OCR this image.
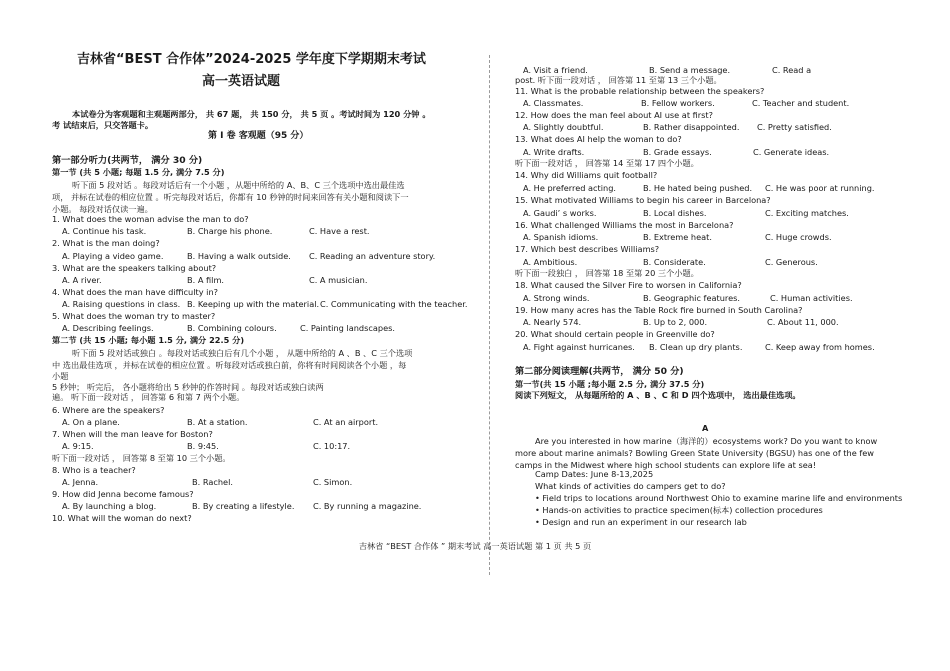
吉林省“BEST 合作体”2024-2025 学年度下学期期末考试
高一英语试题
本试卷分为客观题和主观题两部分， 共 67 题， 共 150 分， 共 5 页 。考试时间为 120 分钟 。
考 试结束后，只交答题卡。
第 I 卷 客观题（95 分）
第一部分听力(共两节， 满分 30 分)
第一节 (共 5 小题; 每题 1.5 分, 满分 7.5 分)
听下面 5 段对话 。每段对话后有一个小题 ，从题中所给的 A、B、C 三个选项中选出最佳选
项， 并标在试卷的相应位置 。听完每段对话后，你都有 10 秒钟的时间来回答有关小题和阅读下一
小题。 每段对话仅读一遍。
1. What does the woman advise the man to do?
A. Continue his task.	B. Charge his phone.	C. Have a rest.
2. What is the man doing?
A. Playing a video game.	B. Having a walk outside. C. Reading an adventure story.
3. What are the speakers talking about?
A. A river.	B. A film.	C. A musician.
4. What does the man have difficulty in?
A. Raising questions in class. B. Keeping up with the material. C. Communicating with the teacher.
5. What does the woman try to master?
A. Describing feelings.	B. Combining colours.	C. Painting landscapes.
第二节 (共 15 小题; 每小题 1.5 分, 满分 22.5 分)
听下面 5 段对话或独白 。每段对话或独白后有几个小题 ， 从题中所给的 A 、B 、C 三个选项
中 选出最佳选项 ，并标在试卷的相应位置 。听每段对话或独白前，你将有时间阅读各个小题 ，每
小题
5 秒钟； 听完后， 各小题将给出 5 秒钟的作答时间 。每段对话或独白读两
遍。 听下面一段对话 ， 回答第 6 和第 7 两个小题。
6. Where are the speakers?
A. On a plane.	B. At a station.	C. At an airport.
7. When will the man leave for Boston?
A. 9:15.	B. 9:45.	C. 10:17.
听下面一段对话 ， 回答第 8 至第 10 三个小题。
8. Who is a teacher?
A. Jenna.	B. Rachel.	C. Simon.
9. How did Jenna become famous?
A. By launching a blog.	B. By creating a lifestyle. C. By running a magazine.
10. What will the woman do next?
A. Visit a friend.	B. Send a message.	C. Read a
post. 听下面一段对话 ， 回答第 11 至第 13 三个小题。
11. What is the probable relationship between the speakers?
A. Classmates.	B. Fellow workers.	C. Teacher and student.
12. How does the man feel about AI use at first?
A. Slightly doubtful.	B. Rather disappointed. C. Pretty satisfied.
13. What does AI help the woman to do?
A. Write drafts.	B. Grade essays.	C. Generate ideas.
听下面一段对话 ， 回答第 14 至第 17 四个小题。
14. Why did Williams quit football?
A. He preferred acting.	B. He hated being pushed. C. He was poor at running.
15. What motivated Williams to begin his career in Barcelona?
A. Gaudi’ s works.	B. Local dishes.	C. Exciting matches.
16. What challenged Williams the most in Barcelona?
A. Spanish idioms.	B. Extreme heat.	C. Huge crowds.
17. Which best describes Williams?
A. Ambitious.	B. Considerate.	C. Generous.
听下面一段独白 ， 回答第 18 至第 20 三个小题。
18. What caused the Silver Fire to worsen in California?
A. Strong winds.	B. Geographic features.	C. Human activities.
19. How many acres has the Table Rock fire burned in South Carolina?
A. Nearly 574.	B. Up to 2, 000.	C. About 11, 000.
20. What should certain people in Greenville do?
A. Fight against hurricanes. B. Clean up dry plants.	C. Keep away from homes.
第二部分阅读理解(共两节， 满分 50 分)
第一节(共 15 小题 ;每小题 2.5 分, 满分 37.5 分)
阅读下列短文， 从每题所给的 A 、B 、C 和 D 四个选项中， 选出最佳选项。
A
Are you interested in how marine（海洋的）ecosystems work? Do you want to know
more about marine animals? Bowling Green State University (BGSU) has one of the few
camps in the Midwest where high school students can explore life at sea!
Camp Dates: June 8-13,2025
What kinds of activities do campers get to do?
• Field trips to locations around Northwest Ohio to examine marine life and environments
• Hands-on activities to practice specimen(标本) collection procedures
• Design and run an experiment in our research lab
吉林省 “BEST 合作体 ” 期末考试 高一英语试题 第 1 页 共 5 页
